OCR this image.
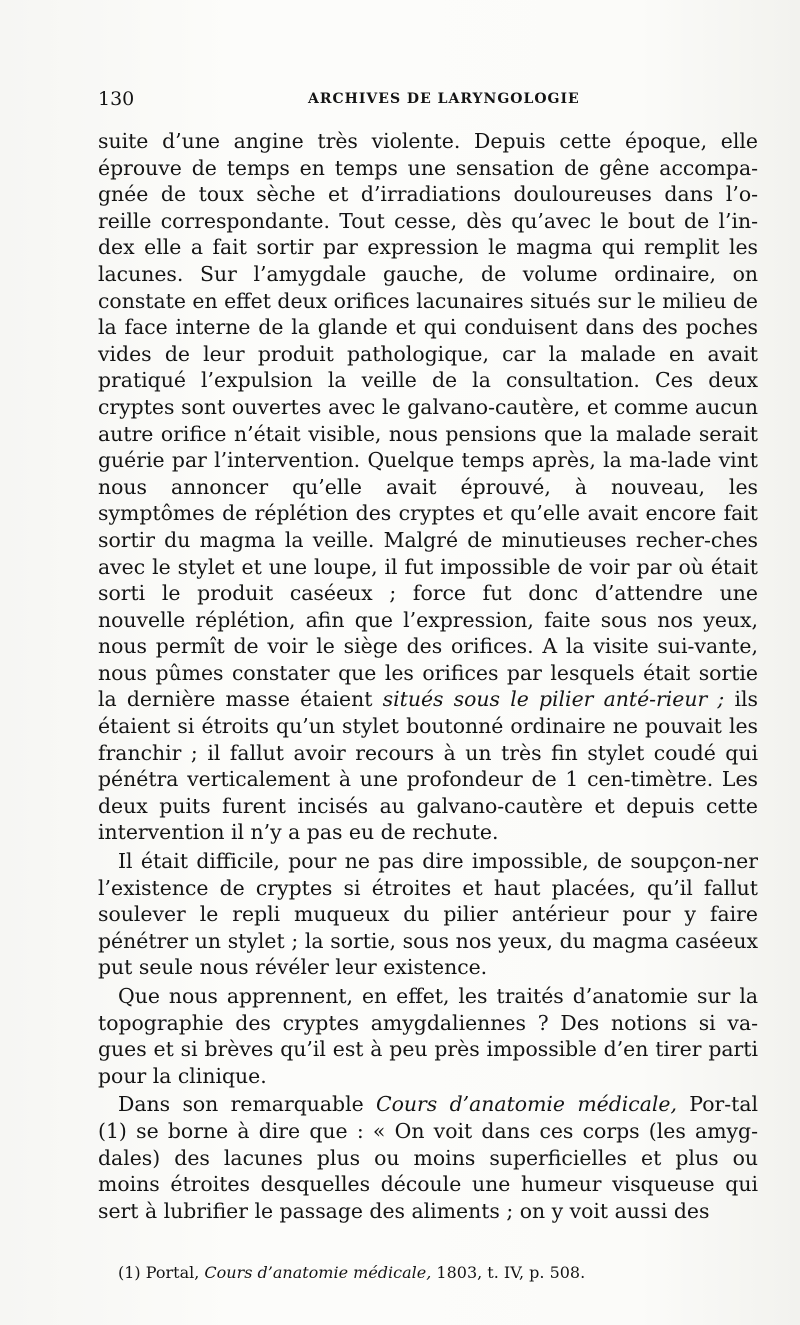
130	ARCHIVES DE LARYNGOLOGIE

suite d’une angine très violente. Depuis cette époque, elle éprouve de temps en temps une sensation de gêne accompa-gnée de toux sèche et d’irradiations douloureuses dans l’o-reille correspondante. Tout cesse, dès qu’avec le bout de l’in-dex elle a fait sortir par expression le magma qui remplit les lacunes. Sur l’amygdale gauche, de volume ordinaire, on constate en effet deux orifices lacunaires situés sur le milieu de la face interne de la glande et qui conduisent dans des poches vides de leur produit pathologique, car la malade en avait pratiqué l’expulsion la veille de la consultation. Ces deux cryptes sont ouvertes avec le galvano-cautère, et comme aucun autre orifice n’était visible, nous pensions que la malade serait guérie par l’intervention. Quelque temps après, la ma-lade vint nous annoncer qu’elle avait éprouvé, à nouveau, les symptômes de réplétion des cryptes et qu’elle avait encore fait sortir du magma la veille. Malgré de minutieuses recher-ches avec le stylet et une loupe, il fut impossible de voir par où était sorti le produit caséeux ; force fut donc d’attendre une nouvelle réplétion, afin que l’expression, faite sous nos yeux, nous permît de voir le siège des orifices. A la visite sui-vante, nous pûmes constater que les orifices par lesquels était sortie la dernière masse étaient situés sous le pilier anté-rieur ; ils étaient si étroits qu’un stylet boutonné ordinaire ne pouvait les franchir ; il fallut avoir recours à un très fin stylet coudé qui pénétra verticalement à une profondeur de 1 cen-timètre. Les deux puits furent incisés au galvano-cautère et depuis cette intervention il n’y a pas eu de rechute.

Il était difficile, pour ne pas dire impossible, de soupçon-ner l’existence de cryptes si étroites et haut placées, qu’il fallut soulever le repli muqueux du pilier antérieur pour y faire pénétrer un stylet ; la sortie, sous nos yeux, du magma caséeux put seule nous révéler leur existence.

Que nous apprennent, en effet, les traités d’anatomie sur la topographie des cryptes amygdaliennes ? Des notions si va-gues et si brèves qu’il est à peu près impossible d’en tirer parti pour la clinique.

Dans son remarquable Cours d’anatomie médicale, Por-tal (1) se borne à dire que : « On voit dans ces corps (les amyg-dales) des lacunes plus ou moins superficielles et plus ou moins étroites desquelles découle une humeur visqueuse qui sert à lubrifier le passage des aliments ; on y voit aussi des

(1) Portal, Cours d’anatomie médicale, 1803, t. IV, p. 508.
